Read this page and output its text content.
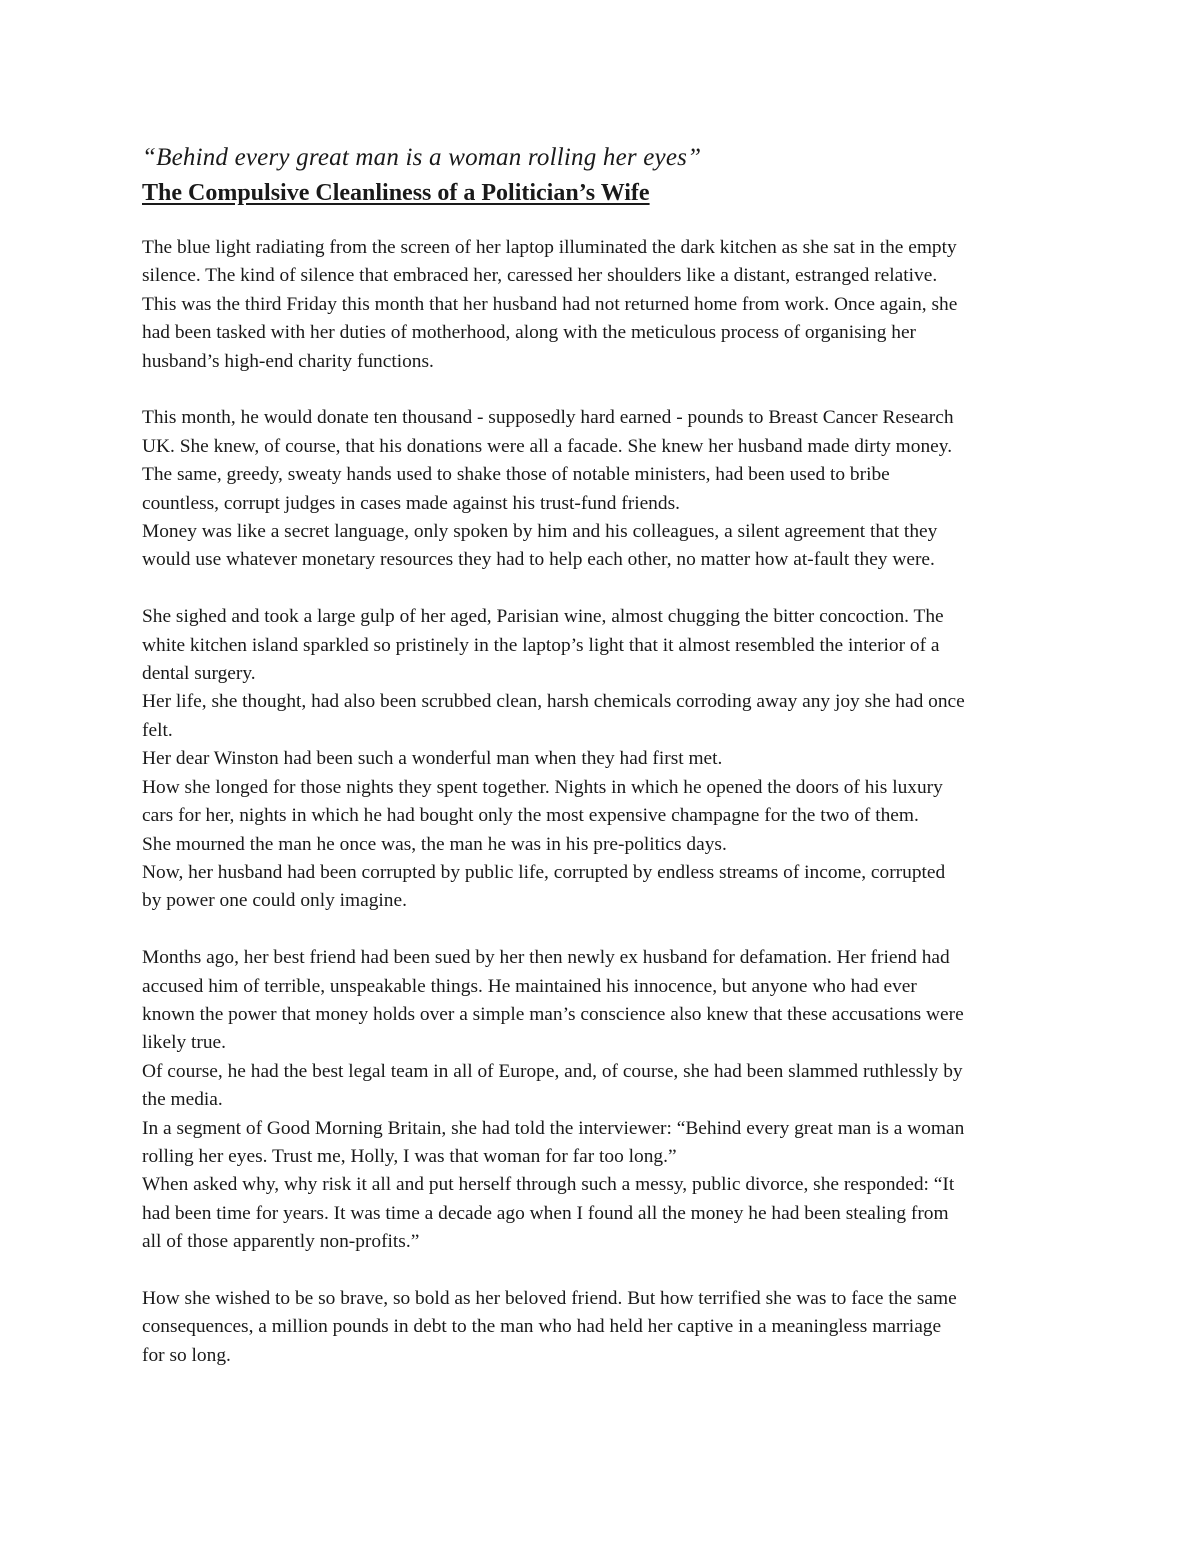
“Behind every great man is a woman rolling her eyes”

The Compulsive Cleanliness of a Politician’s Wife
The blue light radiating from the screen of her laptop illuminated the dark kitchen as she sat in the empty
silence. The kind of silence that embraced her, caressed her shoulders like a distant, estranged relative.
This was the third Friday this month that her husband had not returned home from work. Once again, she
had been tasked with her duties of motherhood, along with the meticulous process of organising her
husband’s high-end charity functions.
This month, he would donate ten thousand - supposedly hard earned - pounds to Breast Cancer Research
UK. She knew, of course, that his donations were all a facade. She knew her husband made dirty money.
The same, greedy, sweaty hands used to shake those of notable ministers, had been used to bribe
countless, corrupt judges in cases made against his trust-fund friends.
Money was like a secret language, only spoken by him and his colleagues, a silent agreement that they
would use whatever monetary resources they had to help each other, no matter how at-fault they were.
She sighed and took a large gulp of her aged, Parisian wine, almost chugging the bitter concoction. The
white kitchen island sparkled so pristinely in the laptop’s light that it almost resembled the interior of a
dental surgery.
Her life, she thought, had also been scrubbed clean, harsh chemicals corroding away any joy she had once
felt.
Her dear Winston had been such a wonderful man when they had first met.
How she longed for those nights they spent together. Nights in which he opened the doors of his luxury
cars for her, nights in which he had bought only the most expensive champagne for the two of them.
She mourned the man he once was, the man he was in his pre-politics days.
Now, her husband had been corrupted by public life, corrupted by endless streams of income, corrupted
by power one could only imagine.
Months ago, her best friend had been sued by her then newly ex husband for defamation. Her friend had
accused him of terrible, unspeakable things. He maintained his innocence, but anyone who had ever
known the power that money holds over a simple man’s conscience also knew that these accusations were
likely true.
Of course, he had the best legal team in all of Europe, and, of course, she had been slammed ruthlessly by
the media.
In a segment of Good Morning Britain, she had told the interviewer: “Behind every great man is a woman
rolling her eyes. Trust me, Holly, I was that woman for far too long.”
When asked why, why risk it all and put herself through such a messy, public divorce, she responded: “It
had been time for years. It was time a decade ago when I found all the money he had been stealing from
all of those apparently non-profits.”
How she wished to be so brave, so bold as her beloved friend. But how terrified she was to face the same
consequences, a million pounds in debt to the man who had held her captive in a meaningless marriage
for so long.
